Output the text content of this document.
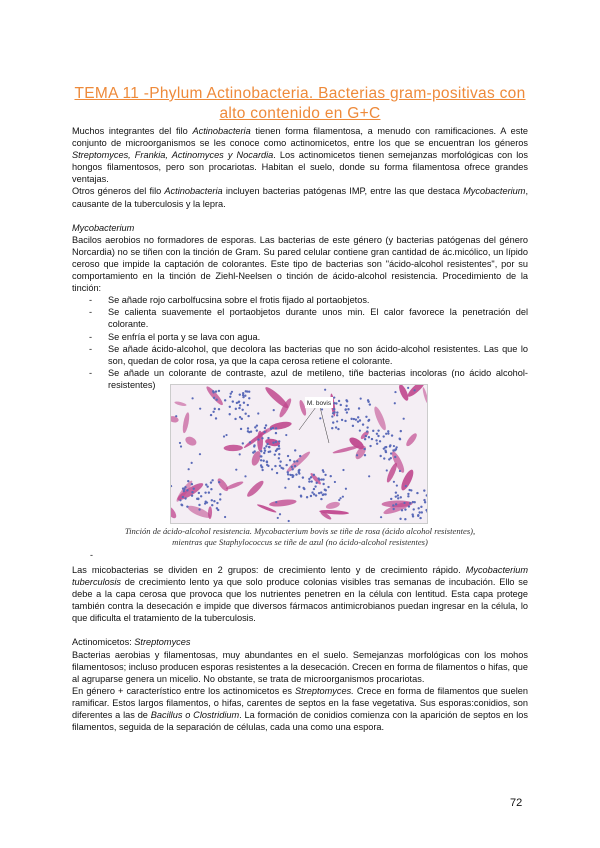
TEMA 11 -Phylum Actinobacteria. Bacterias gram-positivas con alto contenido en G+C

Muchos integrantes del filo Actinobacteria tienen forma filamentosa, a menudo con ramificaciones. A este conjunto de microorganismos se les conoce como actinomicetos, entre los que se encuentran los géneros Streptomyces, Frankia, Actinomyces y Nocardia. Los actinomicetos tienen semejanzas morfológicas con los hongos filamentosos, pero son procariotas. Habitan el suelo, donde su forma filamentosa ofrece grandes ventajas.

Otros géneros del filo Actinobacteria incluyen bacterias patógenas IMP, entre las que destaca Mycobacterium, causante de la tuberculosis y la lepra.

Mycobacterium

Bacilos aerobios no formadores de esporas. Las bacterias de este género (y bacterias patógenas del género Norcardia) no se tiñen con la tinción de Gram. Su pared celular contiene gran cantidad de ác.micólico, un lípido ceroso que impide la captación de colorantes. Este tipo de bacterias son "ácido-alcohol resistentes", por su comportamiento en la tinción de Ziehl-Neelsen o tinción de ácido-alcohol resistencia. Procedimiento de la tinción:

- Se añade rojo carbolfucsina sobre el frotis fijado al portaobjetos.
- Se calienta suavemente el portaobjetos durante unos min. El calor favorece la penetración del colorante.
- Se enfría el porta y se lava con agua.
- Se añade ácido-alcohol, que decolora las bacterias que no son ácido-alcohol resistentes. Las que lo son, quedan de color rosa, ya que la capa cerosa retiene el colorante.
- Se añade un colorante de contraste, azul de metileno, tiñe bacterias incoloras (no ácido alcohol-resistentes)
M. bovis
Tinción de ácido-alcohol resistencia. Mycobacterium bovis se tiñe de rosa (ácido alcohol resistentes), mientras que Staphylococcus se tiñe de azul (no ácido-alcohol resistentes)
-

Las micobacterias se dividen en 2 grupos: de crecimiento lento y de crecimiento rápido. Mycobacterium tuberculosis de crecimiento lento ya que solo produce colonias visibles tras semanas de incubación. Ello se debe a la capa cerosa que provoca que los nutrientes penetren en la célula con lentitud. Esta capa protege también contra la desecación e impide que diversos fármacos antimicrobianos puedan ingresar en la célula, lo que dificulta el tratamiento de la tuberculosis.

Actinomicetos: Streptomyces

Bacterias aerobias y filamentosas, muy abundantes en el suelo. Semejanzas morfológicas con los mohos filamentosos; incluso producen esporas resistentes a la desecación. Crecen en forma de filamentos o hifas, que al agruparse genera un micelio. No obstante, se trata de microorganismos procariotas.

En género + característico entre los actinomicetos es Streptomyces. Crece en forma de filamentos que suelen ramificar. Estos largos filamentos, o hifas, carentes de septos en la fase vegetativa. Sus esporas:conidios, son diferentes a las de Bacillus o Clostridium. La formación de conidios comienza con la aparición de septos en los filamentos, seguida de la separación de células, cada una como una espora.

72
